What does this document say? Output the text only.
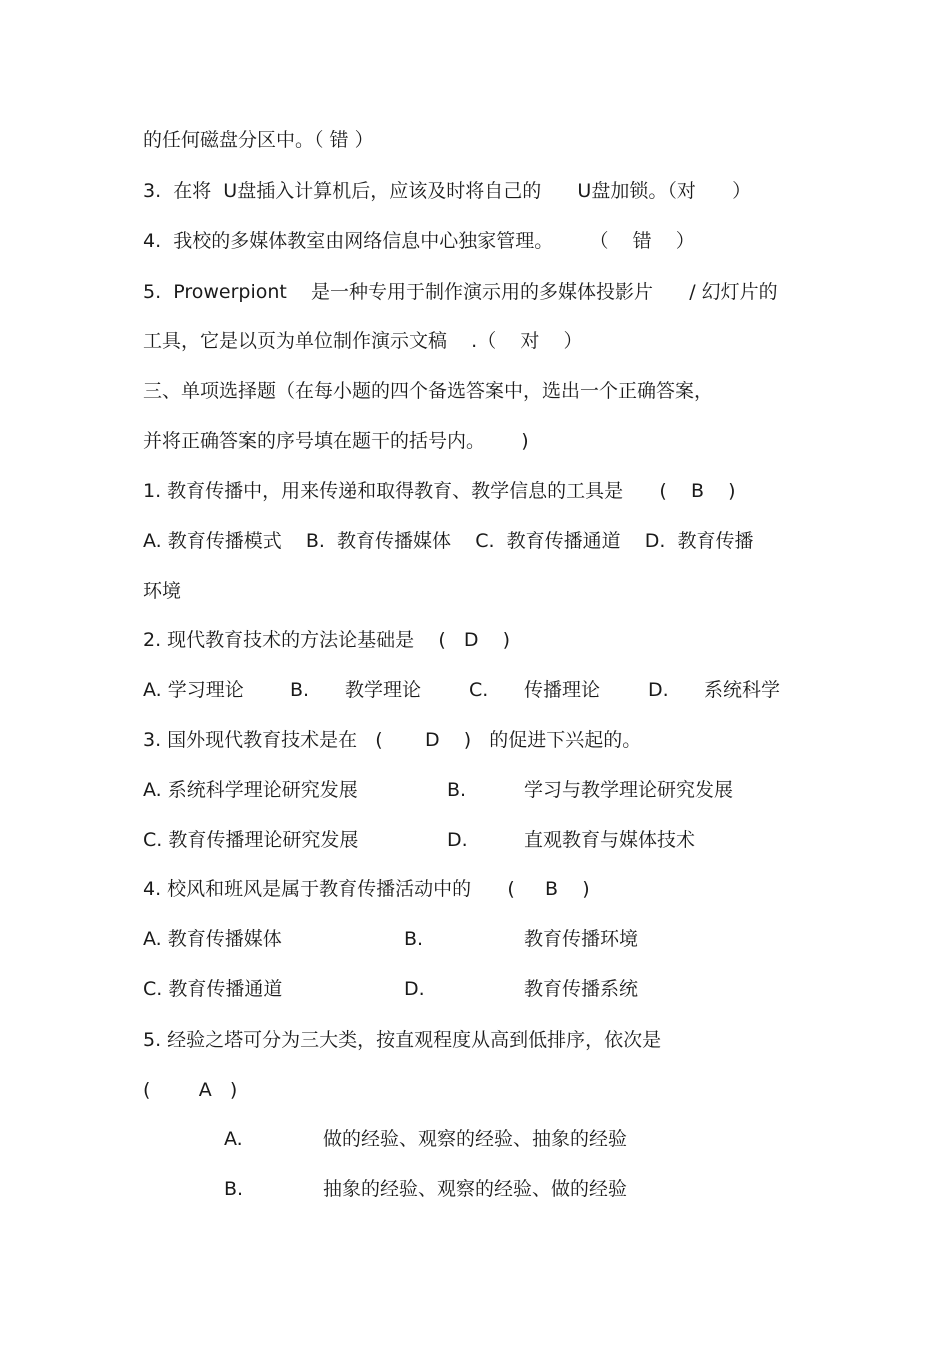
的任何磁盘分区中。（ 错 ）
3.  在将  U盘插入计算机后，应该及时将自己的      U盘加锁。（对      ）
4.  我校的多媒体教室由网络信息中心独家管理。      （    错    ）
5.  Prowerpiont    是一种专用于制作演示用的多媒体投影片      / 幻灯片的
工具，它是以页为单位制作演示文稿    .（    对    ）
三、单项选择题（在每小题的四个备选答案中，选出一个正确答案，
并将正确答案的序号填在题干的括号内。      )
1. 教育传播中，用来传递和取得教育、教学信息的工具是      (    B    )
A. 教育传播模式    B.  教育传播媒体    C.  教育传播通道    D.  教育传播
环境
2. 现代教育技术的方法论基础是    (   D    )
A. 学习理论 B. 教学理论	C. 传播理论	D. 系统科学
3. 国外现代教育技术是在   (       D    )   的促进下兴起的。
A. 系统科学理论研究发展	B.	学习与教学理论研究发展
C. 教育传播理论研究发展	D.	直观教育与媒体技术
4. 校风和班风是属于教育传播活动中的      (     B    )
A. 教育传播媒体	B.	教育传播环境
C. 教育传播通道	D.	教育传播系统
5. 经验之塔可分为三大类，按直观程度从高到低排序，依次是
(        A   )
A.	做的经验、观察的经验、抽象的经验
B.	抽象的经验、观察的经验、做的经验
